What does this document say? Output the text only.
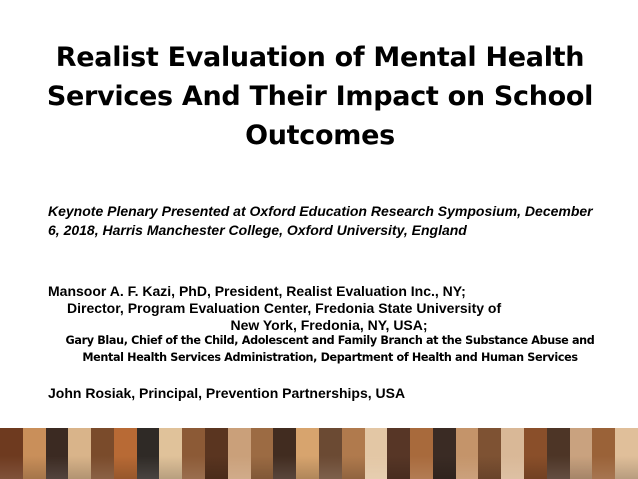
Realist Evaluation of Mental Health Services And Their Impact on School Outcomes
Keynote Plenary Presented at Oxford Education Research Symposium, December 6, 2018, Harris Manchester College, Oxford University, England
Mansoor A. F. Kazi, PhD, President, Realist Evaluation Inc., NY;
Director, Program Evaluation Center, Fredonia State University of
New York, Fredonia, NY, USA;
Gary Blau, Chief of the Child, Adolescent and Family Branch at the Substance Abuse and Mental Health Services Administration, Department of Health and Human Services
John Rosiak, Principal, Prevention Partnerships, USA
